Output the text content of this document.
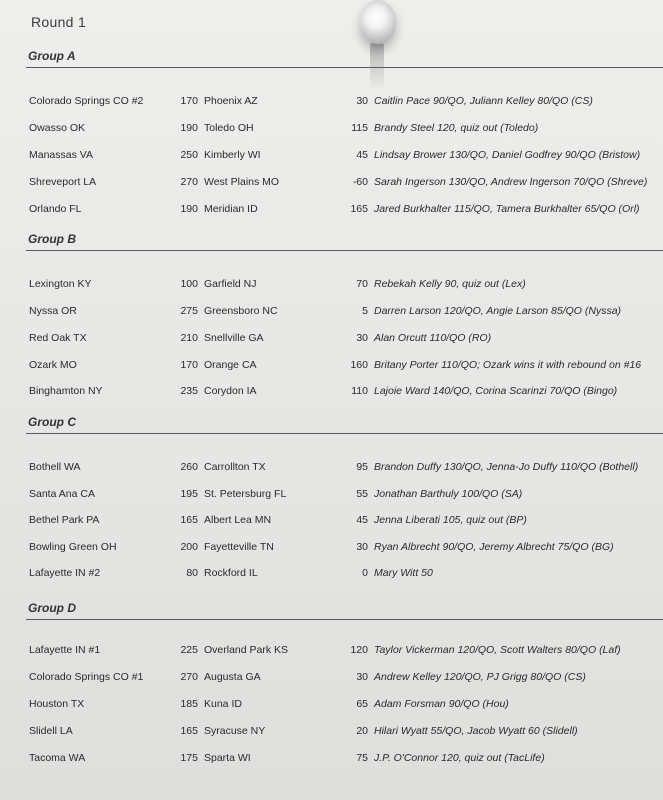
Round 1
Group A
Colorado Springs CO #2	170 Phoenix AZ	30 Caitlin Pace 90/QO, Juliann Kelley 80/QO (CS)
Owasso OK	190 Toledo OH	115 Brandy Steel 120, quiz out (Toledo)
Manassas VA	250 Kimberly WI	45 Lindsay Brower 130/QO, Daniel Godfrey 90/QO (Bristow)
Shreveport LA	270 West Plains MO	-60 Sarah Ingerson 130/QO, Andrew Ingerson 70/QO (Shreve)
Orlando FL	190 Meridian ID	165 Jared Burkhalter 115/QO, Tamera Burkhalter 65/QO (Orl)
Group B
Lexington KY	100 Garfield NJ	70 Rebekah Kelly 90, quiz out (Lex)
Nyssa OR	275 Greensboro NC	5 Darren Larson 120/QO, Angie Larson 85/QO (Nyssa)
Red Oak TX	210 Snellville GA	30 Alan Orcutt 110/QO (RO)
Ozark MO	170 Orange CA	160 Britany Porter 110/QO; Ozark wins it with rebound on #16
Binghamton NY	235 Corydon IA	110 Lajoie Ward 140/QO, Corina Scarinzi 70/QO (Bingo)
Group C
Bothell WA	260 Carrollton TX	95 Brandon Duffy 130/QO, Jenna-Jo Duffy 110/QO (Bothell)
Santa Ana CA	195 St. Petersburg FL	55 Jonathan Barthuly 100/QO (SA)
Bethel Park PA	165 Albert Lea MN	45 Jenna Liberati 105, quiz out (BP)
Bowling Green OH	200 Fayetteville TN	30 Ryan Albrecht 90/QO, Jeremy Albrecht 75/QO (BG)
Lafayette IN #2	80 Rockford IL	0 Mary Witt 50
Group D
Lafayette IN #1	225 Overland Park KS	120 Taylor Vickerman 120/QO, Scott Walters 80/QO (Laf)
Colorado Springs CO #1	270 Augusta GA	30 Andrew Kelley 120/QO, PJ Grigg 80/QO (CS)
Houston TX	185 Kuna ID	65 Adam Forsman 90/QO (Hou)
Slidell LA	165 Syracuse NY	20 Hilari Wyatt 55/QO, Jacob Wyatt 60 (Slidell)
Tacoma WA	175 Sparta WI	75 J.P. O'Connor 120, quiz out (TacLife)
